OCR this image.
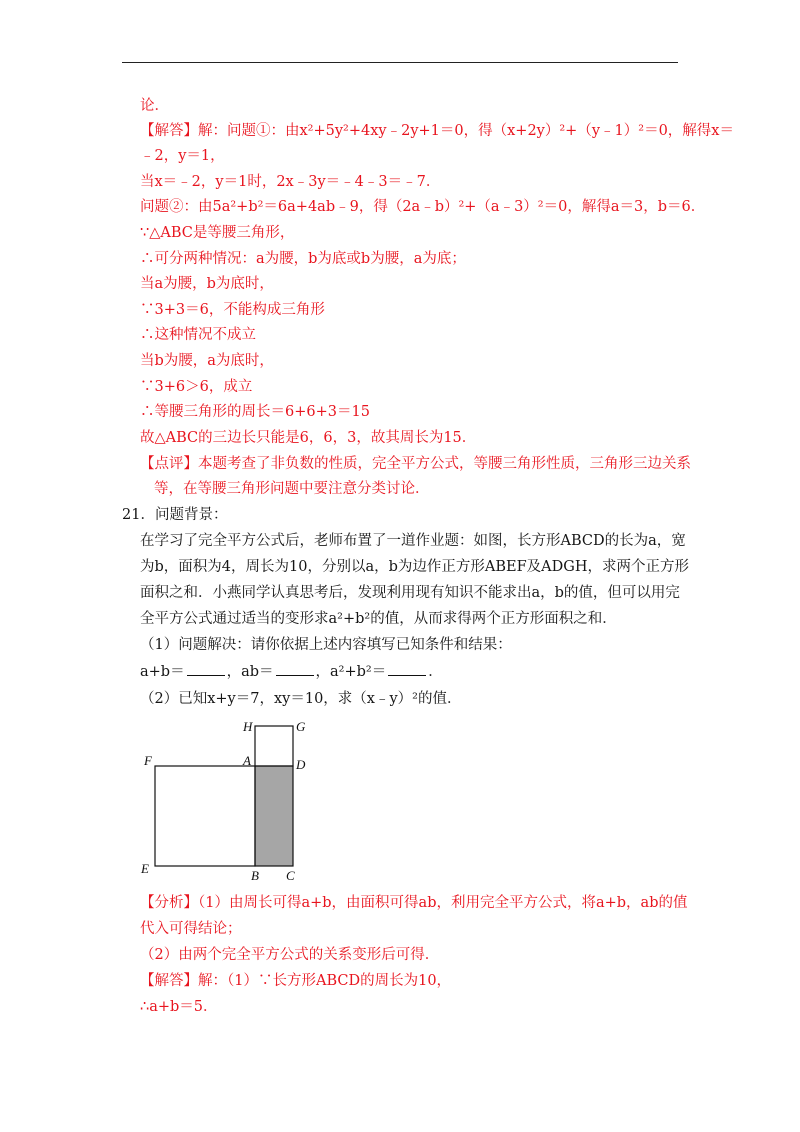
论．
【解答】解：问题①：由x²+5y²+4xy﹣2y+1＝0，得（x+2y）²+（y﹣1）²＝0，解得x＝
﹣2，y＝1，
当x＝﹣2，y＝1时，2x﹣3y＝﹣4﹣3＝﹣7．
问题②：由5a²+b²＝6a+4ab﹣9，得（2a﹣b）²+（a﹣3）²＝0，解得a＝3，b＝6．
∵△ABC是等腰三角形，
∴可分两种情况：a为腰，b为底或b为腰，a为底；
当a为腰，b为底时，
∵3+3＝6，不能构成三角形
∴这种情况不成立
当b为腰，a为底时，
∵3+6＞6，成立
∴等腰三角形的周长＝6+6+3＝15
故△ABC的三边长只能是6，6，3，故其周长为15．
【点评】本题考查了非负数的性质，完全平方公式，等腰三角形性质，三角形三边关系
等，在等腰三角形问题中要注意分类讨论．
21．问题背景：
在学习了完全平方公式后，老师布置了一道作业题：如图，长方形ABCD的长为a，宽
为b，面积为4，周长为10，分别以a，b为边作正方形ABEF及ADGH，求两个正方形
面积之和．小燕同学认真思考后，发现利用现有知识不能求出a，b的值，但可以用完
全平方公式通过适当的变形求a²+b²的值，从而求得两个正方形面积之和．
（1）问题解决：请你依据上述内容填写已知条件和结果：
a+b＝	，ab＝	，a²+b²＝	．
（2）已知x+y＝7，xy＝10，求（x﹣y）²的值．
H	G
F	A	D
E	B C
【分析】（1）由周长可得a+b，由面积可得ab，利用完全平方公式，将a+b，ab的值
代入可得结论；
（2）由两个完全平方公式的关系变形后可得．
【解答】解：（1）∵长方形ABCD的周长为10，
∴a+b＝5．
